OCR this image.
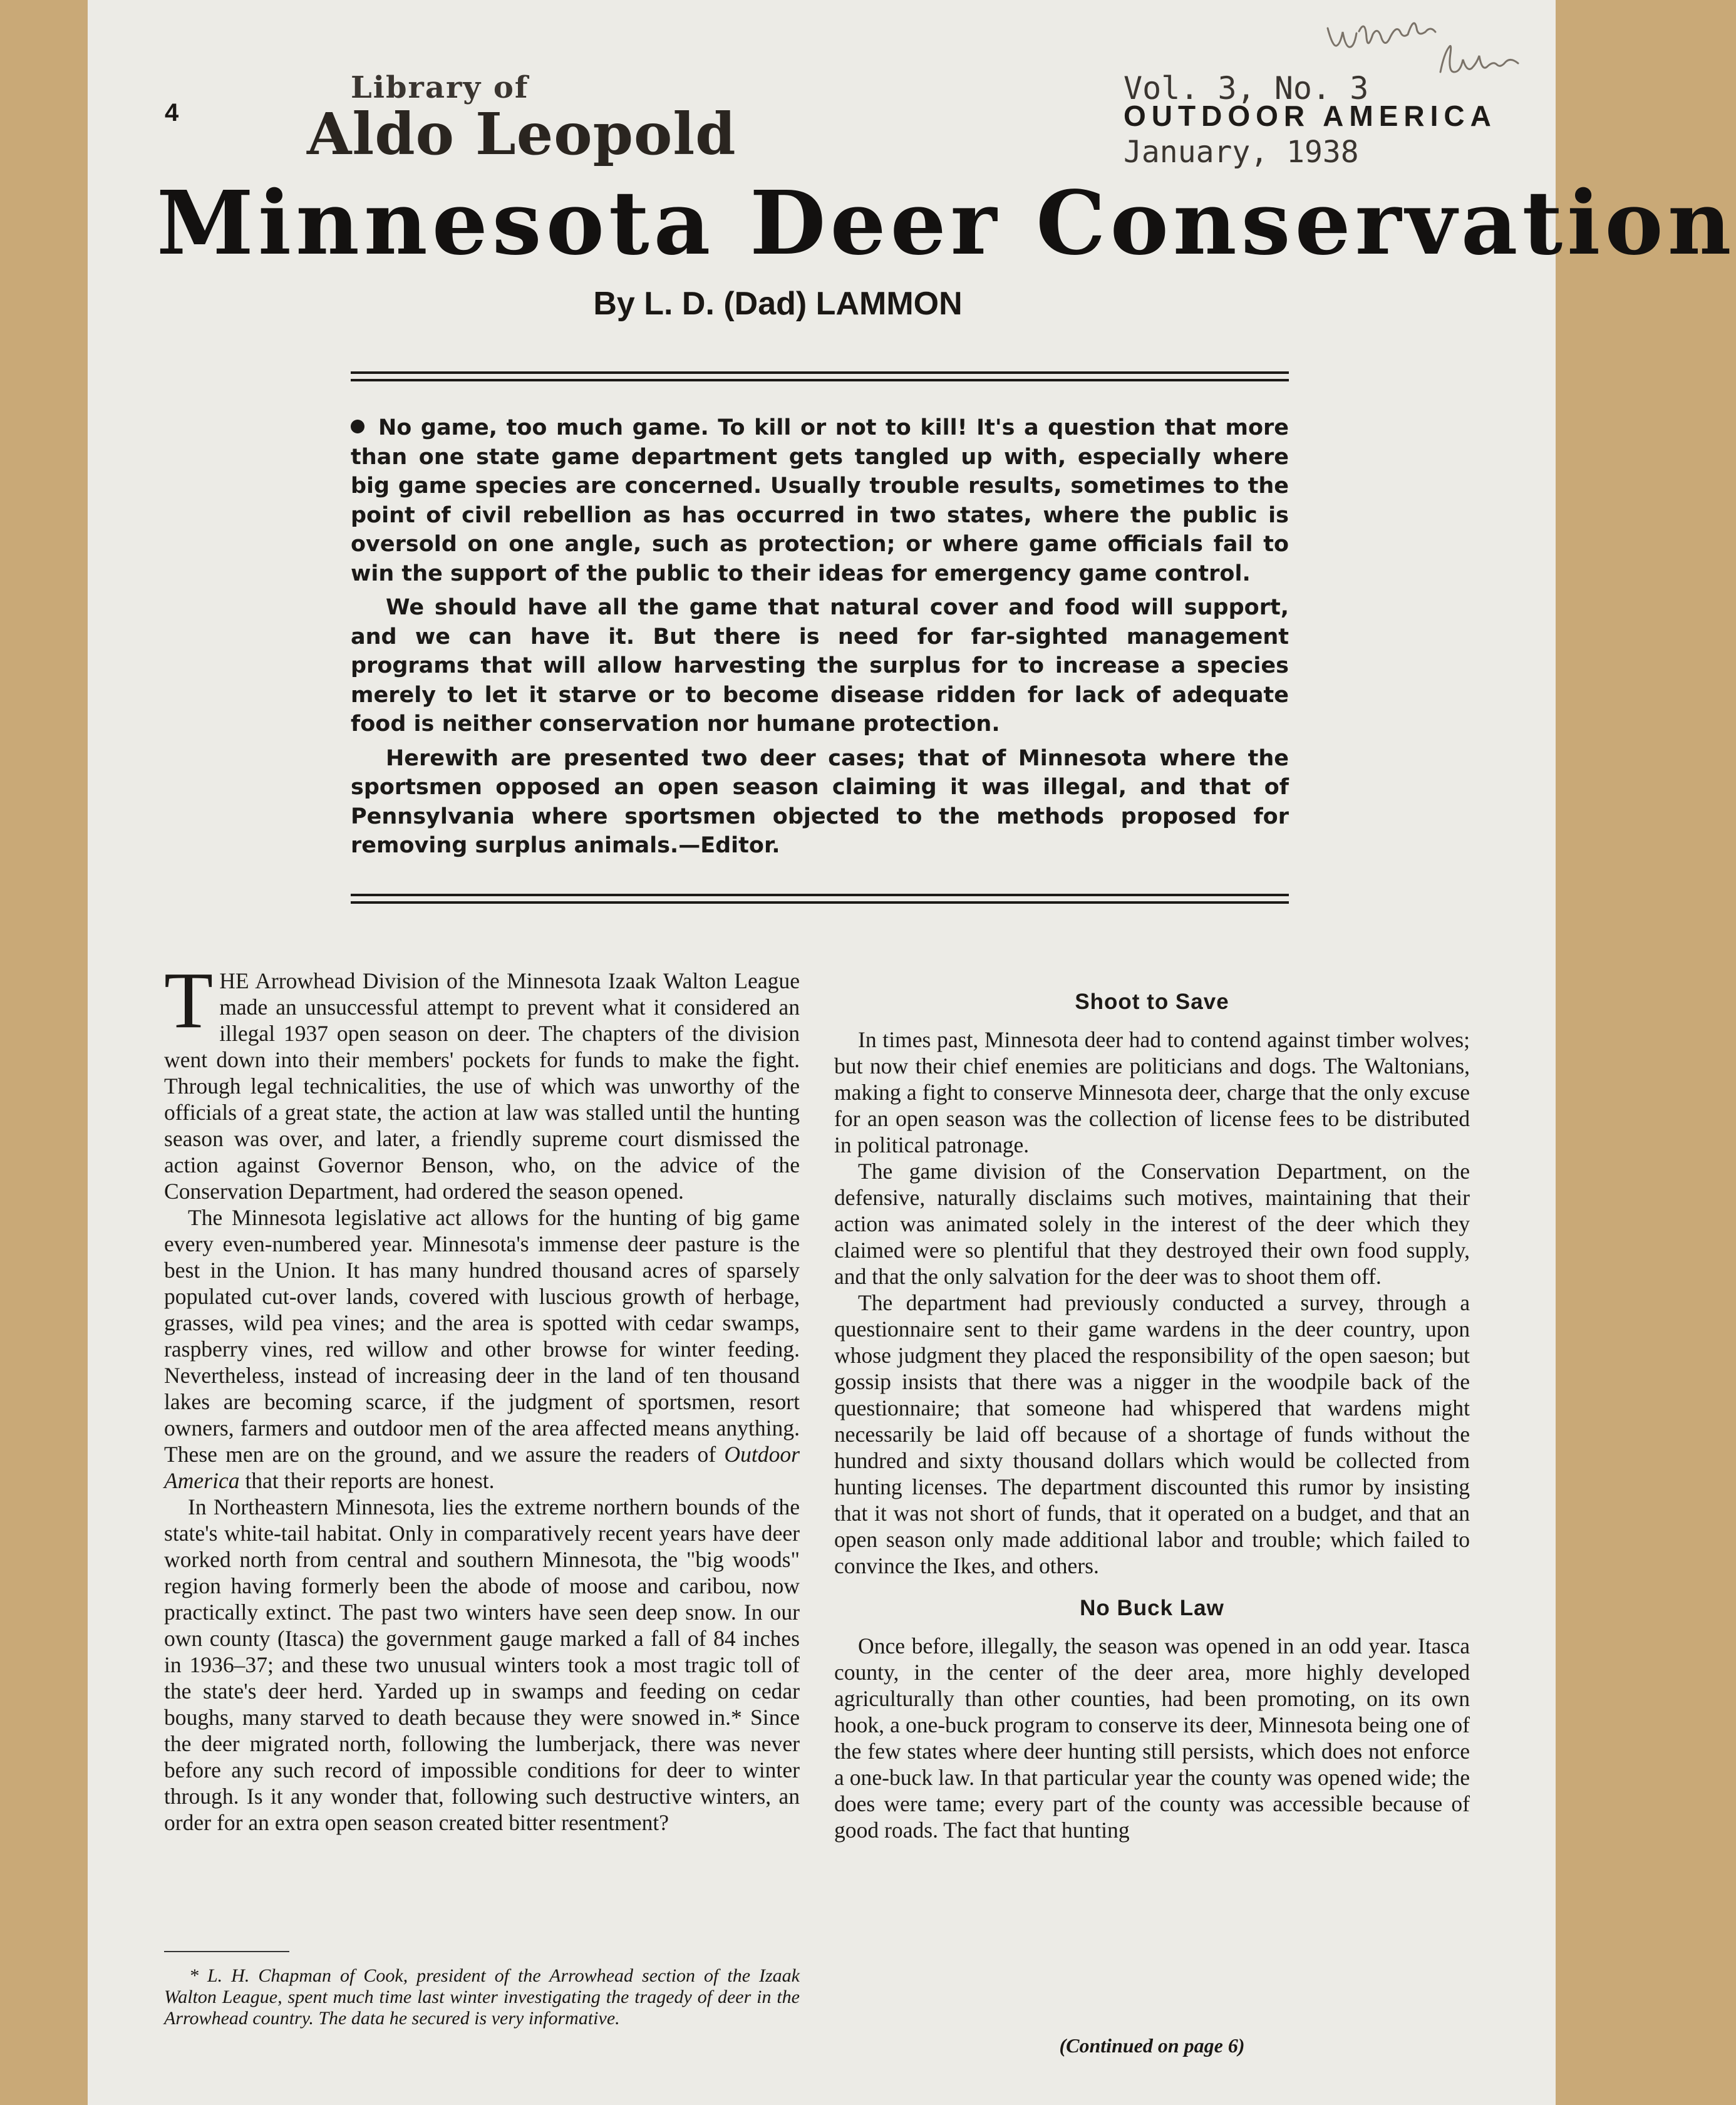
4
Library of
Aldo Leopold
Vol. 3, No. 3
OUTDOOR AMERICA
January, 1938
Minnesota Deer Conservation
By L. D. (Dad) LAMMON

No game, too much game. To kill or not to kill! It's a question that more than one state game department gets tangled up with, especially where big game species are concerned. Usually trouble results, sometimes to the point of civil rebellion as has occurred in two states, where the public is oversold on one angle, such as protection; or where game officials fail to win the support of the public to their ideas for emergency game control.

We should have all the game that natural cover and food will support, and we can have it. But there is need for far-sighted management programs that will allow harvesting the surplus for to increase a species merely to let it starve or to become disease ridden for lack of adequate food is neither conservation nor humane protection.

Herewith are presented two deer cases; that of Minnesota where the sportsmen opposed an open season claiming it was illegal, and that of Pennsylvania where sportsmen objected to the methods proposed for removing surplus animals.—Editor.

THE Arrowhead Division of the Minnesota Izaak Walton League made an unsuccessful attempt to prevent what it considered an illegal 1937 open season on deer. The chapters of the division went down into their members' pockets for funds to make the fight. Through legal technicalities, the use of which was unworthy of the officials of a great state, the action at law was stalled until the hunting season was over, and later, a friendly supreme court dismissed the action against Governor Benson, who, on the advice of the Conservation Department, had ordered the season opened.

The Minnesota legislative act allows for the hunting of big game every even-numbered year. Minnesota's immense deer pasture is the best in the Union. It has many hundred thousand acres of sparsely populated cut-over lands, covered with luscious growth of herbage, grasses, wild pea vines; and the area is spotted with cedar swamps, raspberry vines, red willow and other browse for winter feeding. Nevertheless, instead of increasing deer in the land of ten thousand lakes are becoming scarce, if the judgment of sportsmen, resort owners, farmers and outdoor men of the area affected means anything. These men are on the ground, and we assure the readers of Outdoor America that their reports are honest.

In Northeastern Minnesota, lies the extreme northern bounds of the state's white-tail habitat. Only in comparatively recent years have deer worked north from central and southern Minnesota, the "big woods" region having formerly been the abode of moose and caribou, now practically extinct. The past two winters have seen deep snow. In our own county (Itasca) the government gauge marked a fall of 84 inches in 1936–37; and these two unusual winters took a most tragic toll of the state's deer herd. Yarded up in swamps and feeding on cedar boughs, many starved to death because they were snowed in.* Since the deer migrated north, following the lumberjack, there was never before any such record of impossible conditions for deer to winter through. Is it any wonder that, following such destructive winters, an order for an extra open season created bitter resentment?

Shoot to Save

In times past, Minnesota deer had to contend against timber wolves; but now their chief enemies are politicians and dogs. The Waltonians, making a fight to conserve Minnesota deer, charge that the only excuse for an open season was the collection of license fees to be distributed in political patronage.

The game division of the Conservation Department, on the defensive, naturally disclaims such motives, maintaining that their action was animated solely in the interest of the deer which they claimed were so plentiful that they destroyed their own food supply, and that the only salvation for the deer was to shoot them off.

The department had previously conducted a survey, through a questionnaire sent to their game wardens in the deer country, upon whose judgment they placed the responsibility of the open saeson; but gossip insists that there was a nigger in the woodpile back of the questionnaire; that someone had whispered that wardens might necessarily be laid off because of a shortage of funds without the hundred and sixty thousand dollars which would be collected from hunting licenses. The department discounted this rumor by insisting that it was not short of funds, that it operated on a budget, and that an open season only made additional labor and trouble; which failed to convince the Ikes, and others.

No Buck Law

Once before, illegally, the season was opened in an odd year. Itasca county, in the center of the deer area, more highly developed agriculturally than other counties, had been promoting, on its own hook, a one-buck program to conserve its deer, Minnesota being one of the few states where deer hunting still persists, which does not enforce a one-buck law. In that particular year the county was opened wide; the does were tame; every part of the county was accessible because of good roads. The fact that hunting

* L. H. Chapman of Cook, president of the Arrowhead section of the Izaak Walton League, spent much time last winter investigating the tragedy of deer in the Arrowhead country. The data he secured is very informative.
(Continued on page 6)
